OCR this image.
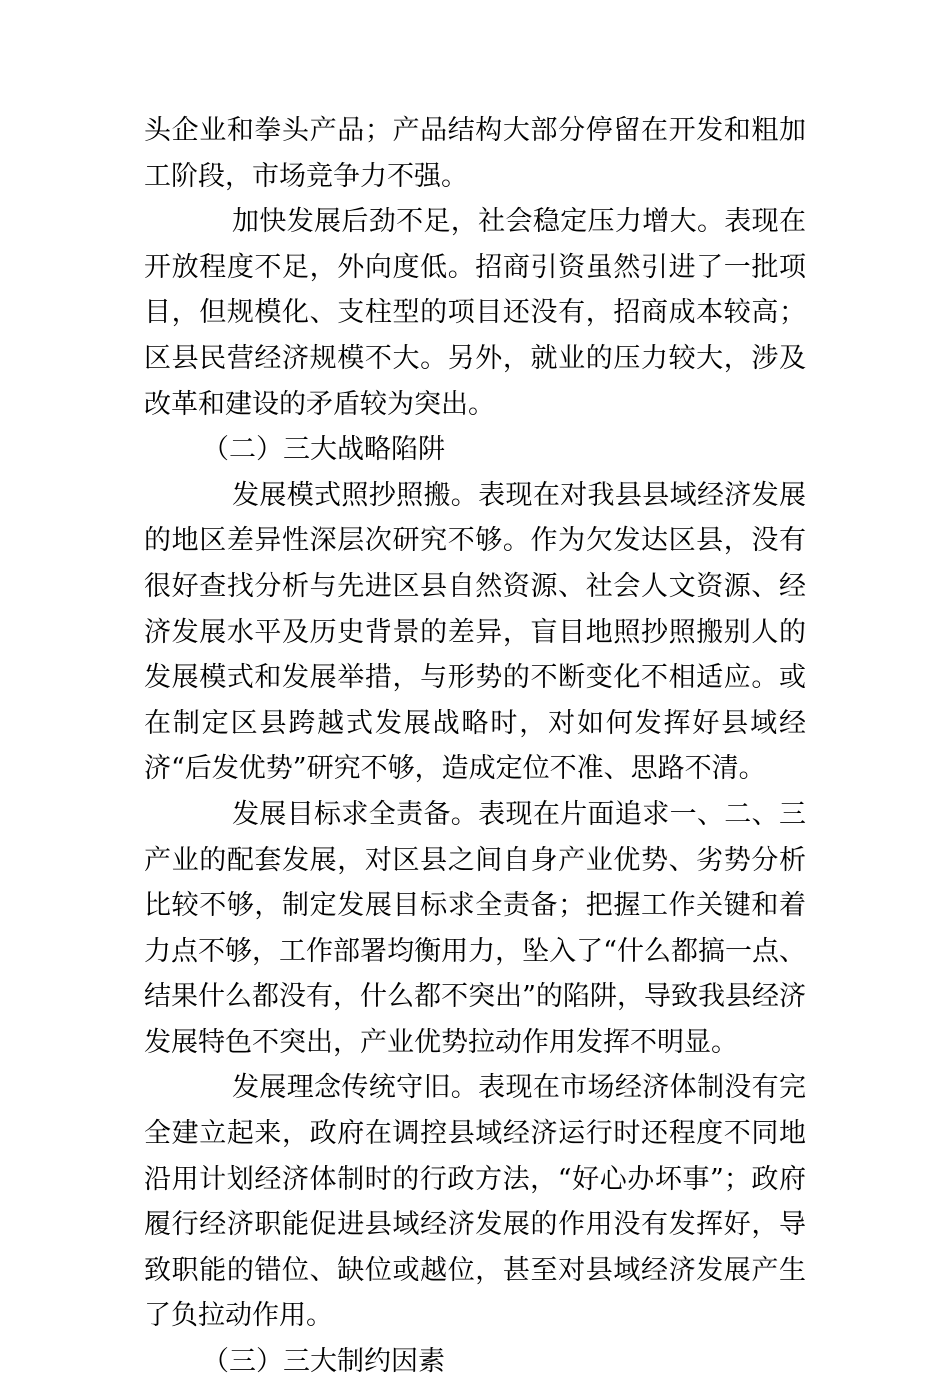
头企业和拳头产品；产品结构大部分停留在开发和粗加工阶段，市场竞争力不强。

加快发展后劲不足，社会稳定压力增大。表现在开放程度不足，外向度低。招商引资虽然引进了一批项目，但规模化、支柱型的项目还没有，招商成本较高；区县民营经济规模不大。另外，就业的压力较大，涉及改革和建设的矛盾较为突出。

（二）三大战略陷阱

发展模式照抄照搬。表现在对我县县域经济发展的地区差异性深层次研究不够。作为欠发达区县，没有很好查找分析与先进区县自然资源、社会人文资源、经济发展水平及历史背景的差异，盲目地照抄照搬别人的发展模式和发展举措，与形势的不断变化不相适应。或在制定区县跨越式发展战略时，对如何发挥好县域经济“后发优势”研究不够，造成定位不准、思路不清。

发展目标求全责备。表现在片面追求一、二、三产业的配套发展，对区县之间自身产业优势、劣势分析比较不够，制定发展目标求全责备；把握工作关键和着力点不够，工作部署均衡用力，坠入了“什么都搞一点、结果什么都没有，什么都不突出”的陷阱，导致我县经济发展特色不突出，产业优势拉动作用发挥不明显。

发展理念传统守旧。表现在市场经济体制没有完全建立起来，政府在调控县域经济运行时还程度不同地沿用计划经济体制时的行政方法，“好心办坏事”；政府履行经济职能促进县域经济发展的作用没有发挥好，导致职能的错位、缺位或越位，甚至对县域经济发展产生了负拉动作用。

（三）三大制约因素
